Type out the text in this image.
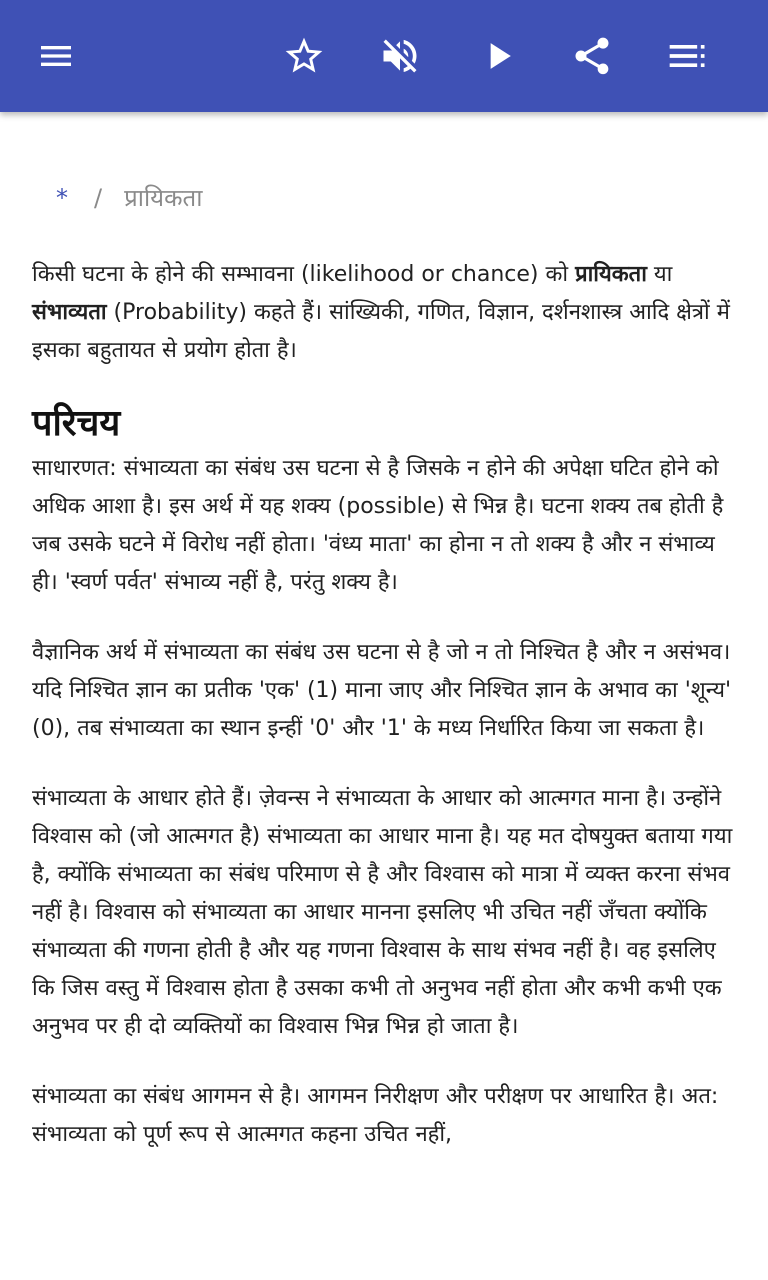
* / प्रायिकता

किसी घटना के होने की सम्भावना (likelihood or chance) को प्रायिकता या संभाव्यता (Probability) कहते हैं। सांख्यिकी, गणित, विज्ञान, दर्शनशास्त्र आदि क्षेत्रों में इसका बहुतायत से प्रयोग होता है।

परिचय

साधारणत: संभाव्यता का संबंध उस घटना से है जिसके न होने की अपेक्षा घटित होने को अधिक आशा है। इस अर्थ में यह शक्य (possible) से भिन्न है। घटना शक्य तब होती है जब उसके घटने में विरोध नहीं होता। 'वंध्य माता' का होना न तो शक्य है और न संभाव्य ही। 'स्वर्ण पर्वत' संभाव्य नहीं है, परंतु शक्य है।

वैज्ञानिक अर्थ में संभाव्यता का संबंध उस घटना से है जो न तो निश्चित है और न असंभव। यदि निश्चित ज्ञान का प्रतीक 'एक' (1) माना जाए और निश्चित ज्ञान के अभाव का 'शून्य' (0), तब संभाव्यता का स्थान इन्हीं '0' और '1' के मध्य निर्धारित किया जा सकता है।

संभाव्यता के आधार होते हैं। ज़ेवन्स ने संभाव्यता के आधार को आत्मगत माना है। उन्होंने विश्वास को (जो आत्मगत है) संभाव्यता का आधार माना है। यह मत दोषयुक्त बताया गया है, क्योंकि संभाव्यता का संबंध परिमाण से है और विश्वास को मात्रा में व्यक्त करना संभव नहीं है। विश्वास को संभाव्यता का आधार मानना इसलिए भी उचित नहीं जँचता क्योंकि संभाव्यता की गणना होती है और यह गणना विश्वास के साथ संभव नहीं है। वह इसलिए कि जिस वस्तु में विश्वास होता है उसका कभी तो अनुभव नहीं होता और कभी कभी एक अनुभव पर ही दो व्यक्तियों का विश्वास भिन्न भिन्न हो जाता है।

संभाव्यता का संबंध आगमन से है। आगमन निरीक्षण और परीक्षण पर आधारित है। अत: संभाव्यता को पूर्ण रूप से आत्मगत कहना उचित नहीं,
